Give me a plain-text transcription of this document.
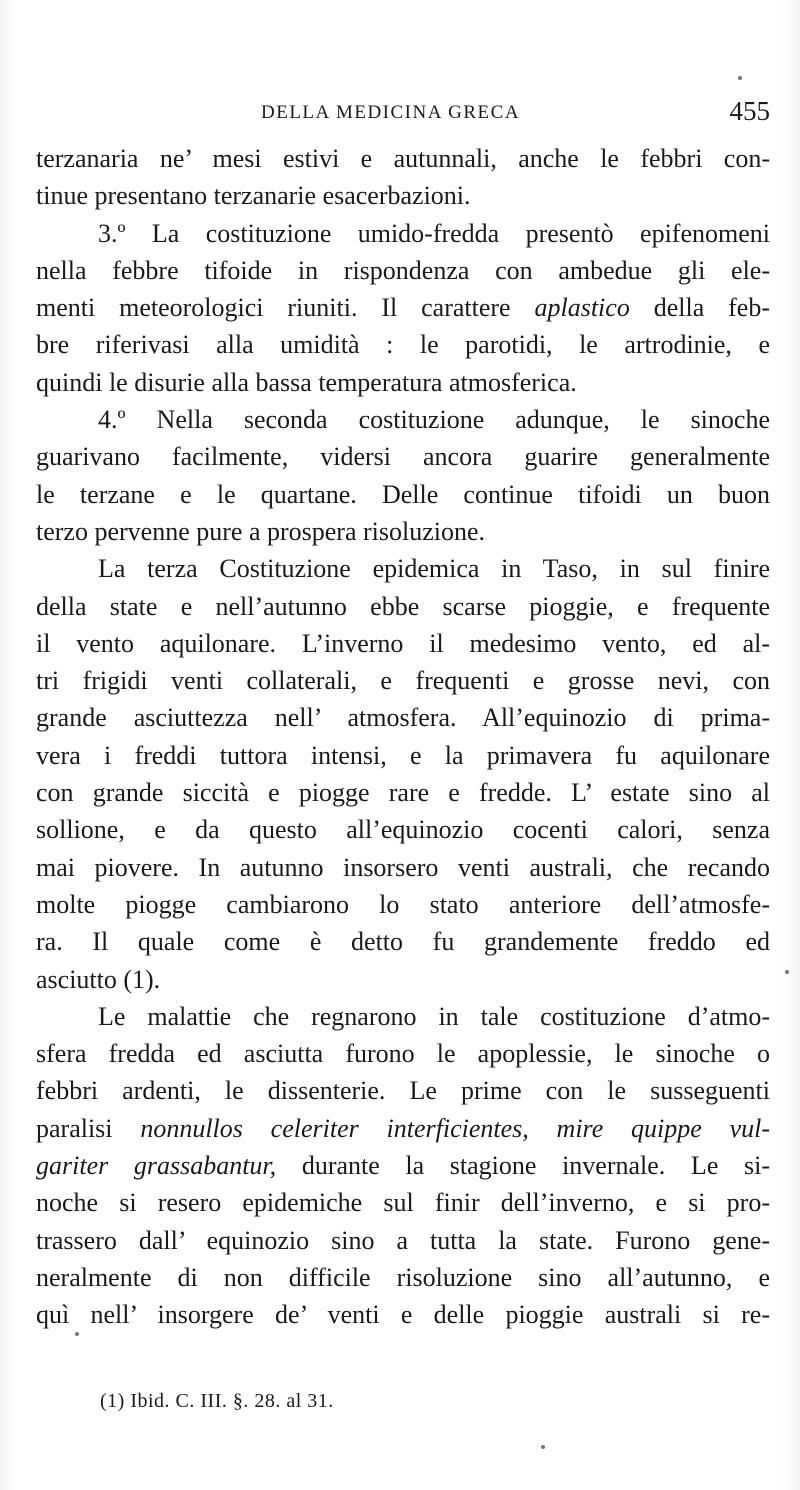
DELLA MEDICINA GRECA	455
terzanaria ne’ mesi estivi e autunnali, anche le febbri con-
tinue presentano terzanarie esacerbazioni.
3.º La costituzione umido-fredda presentò epifenomeni
nella febbre tifoide in rispondenza con ambedue gli ele-
menti meteorologici riuniti. Il carattere aplastico della feb-
bre riferivasi alla umidità : le parotidi, le artrodinie, e
quindi le disurie alla bassa temperatura atmosferica.
4.º Nella seconda costituzione adunque, le sinoche
guarivano facilmente, vidersi ancora guarire generalmente
le terzane e le quartane. Delle continue tifoidi un buon
terzo pervenne pure a prospera risoluzione.
La terza Costituzione epidemica in Taso, in sul finire
della state e nell’autunno ebbe scarse pioggie, e frequente
il vento aquilonare. L’inverno il medesimo vento, ed al-
tri frigidi venti collaterali, e frequenti e grosse nevi, con
grande asciuttezza nell’ atmosfera. All’equinozio di prima-
vera i freddi tuttora intensi, e la primavera fu aquilonare
con grande siccità e piogge rare e fredde. L’ estate sino al
sollione, e da questo all’equinozio cocenti calori, senza
mai piovere. In autunno insorsero venti australi, che recando
molte piogge cambiarono lo stato anteriore dell’atmosfe-
ra. Il quale come è detto fu grandemente freddo ed
asciutto (1).
Le malattie che regnarono in tale costituzione d’atmo-
sfera fredda ed asciutta furono le apoplessie, le sinoche o
febbri ardenti, le dissenterie. Le prime con le susseguenti
paralisi nonnullos celeriter interficientes, mire quippe vul-
gariter grassabantur, durante la stagione invernale. Le si-
noche si resero epidemiche sul finir dell’inverno, e si pro-
trassero dall’ equinozio sino a tutta la state. Furono gene-
neralmente di non difficile risoluzione sino all’autunno, e
quì nell’ insorgere de’ venti e delle pioggie australi si re-
(1) Ibid. C. III. §. 28. al 31.
